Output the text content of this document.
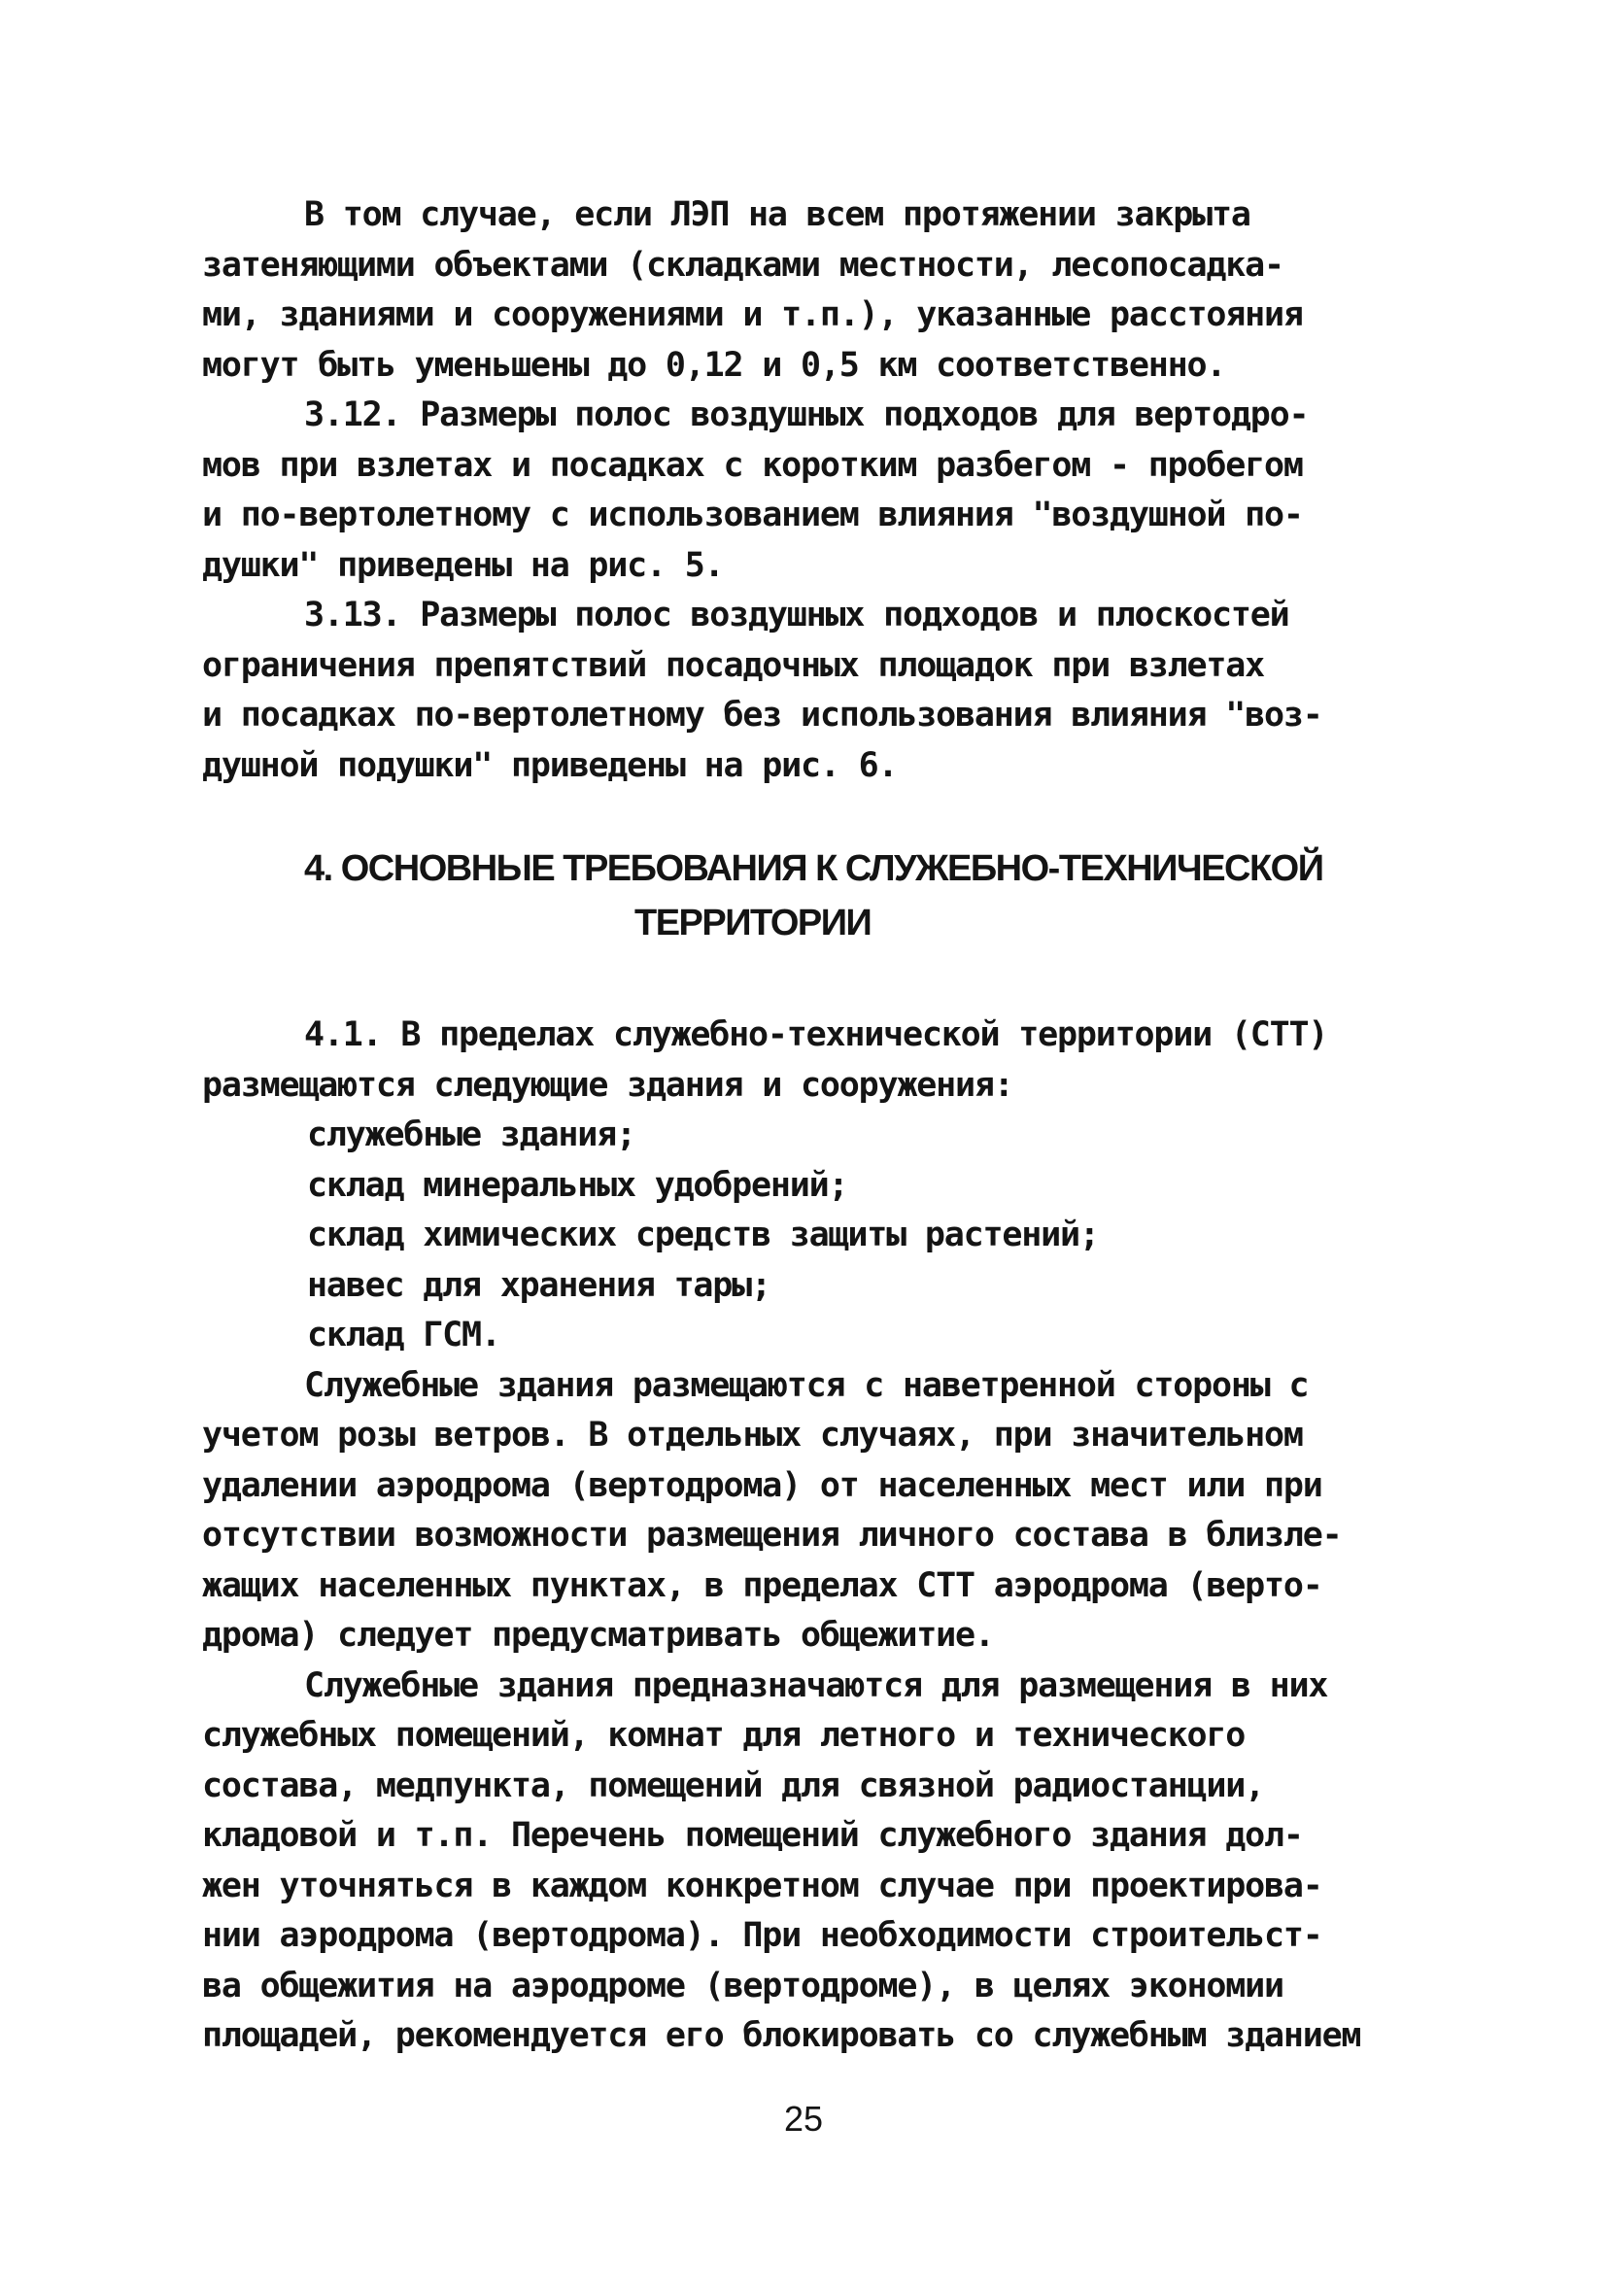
В том случае, если ЛЭП на всем протяжении закрыта
затеняющими объектами (складками местности, лесопосадка-
ми, зданиями и сооружениями и т.п.), указанные расстояния
могут быть уменьшены до 0,12 и 0,5 км соответственно.
3.12. Размеры полос воздушных подходов для вертодро-
мов при взлетах и посадках с коротким разбегом - пробегом
и по-вертолетному с использованием влияния "воздушной по-
душки" приведены на рис. 5.
3.13. Размеры полос воздушных подходов и плоскостей
ограничения препятствий посадочных площадок при взлетах
и посадках по-вертолетному без использования влияния "воз-
душной подушки" приведены на рис. 6.
4. ОСНОВНЫЕ ТРЕБОВАНИЯ К СЛУЖЕБНО-ТЕХНИЧЕСКОЙ
ТЕРРИТОРИИ
4.1. В пределах служебно-технической территории (СТТ)
размещаются следующие здания и сооружения:
служебные здания;
склад минеральных удобрений;
склад химических средств защиты растений;
навес для хранения тары;
склад ГСМ.
Служебные здания размещаются с наветренной стороны с
учетом розы ветров. В отдельных случаях, при значительном
удалении аэродрома (вертодрома) от населенных мест или при
отсутствии возможности размещения личного состава в близле-
жащих населенных пунктах, в пределах СТТ аэродрома (верто-
дрома) следует предусматривать общежитие.
Служебные здания предназначаются для размещения в них
служебных помещений, комнат для летного и технического
состава, медпункта, помещений для связной радиостанции,
кладовой и т.п. Перечень помещений служебного здания дол-
жен уточняться в каждом конкретном случае при проектирова-
нии аэродрома (вертодрома). При необходимости строительст-
ва общежития на аэродроме (вертодроме), в целях экономии
площадей, рекомендуется его блокировать со служебным зданием
25
